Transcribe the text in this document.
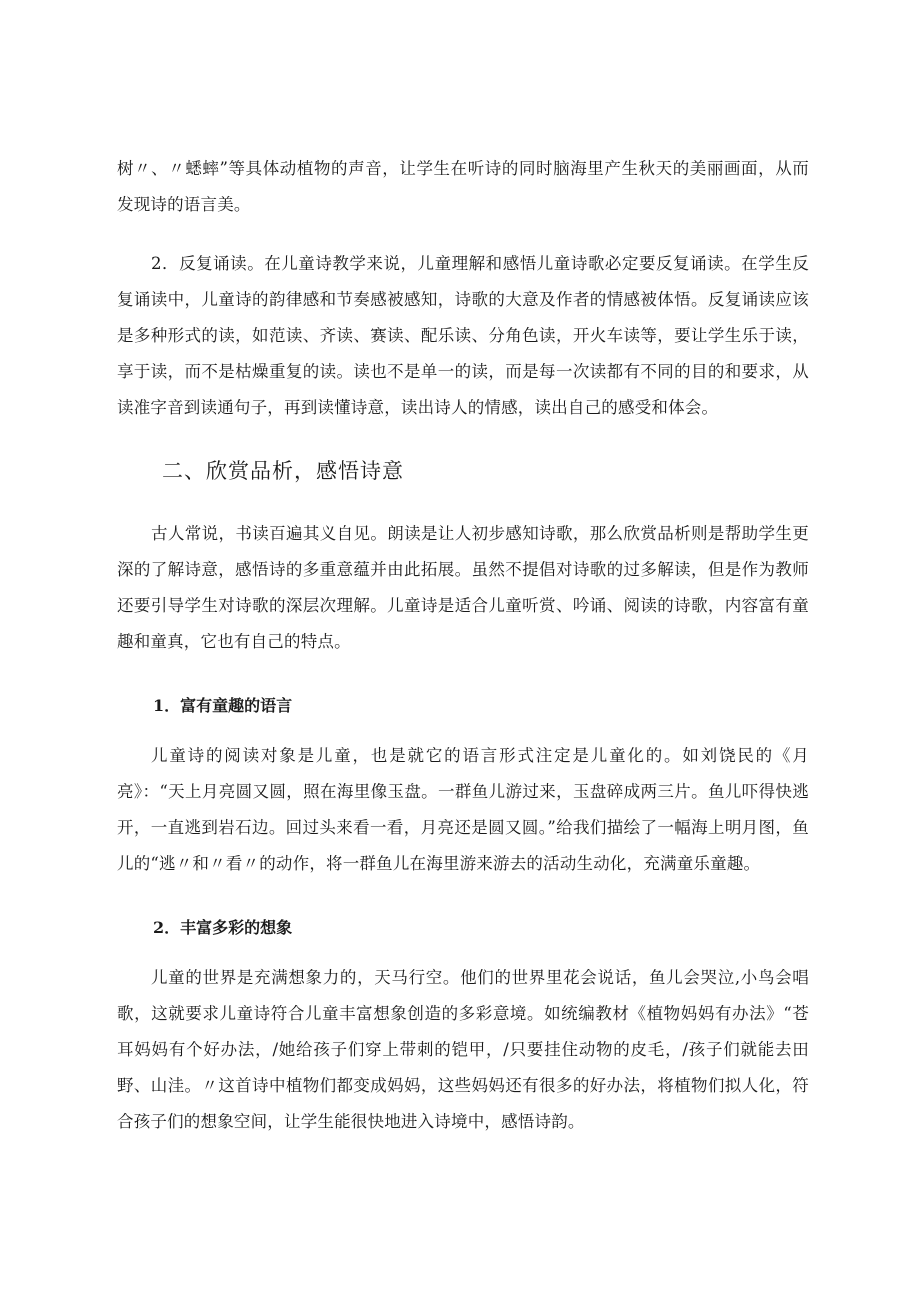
树〃、〃蟋蟀”等具体动植物的声音，让学生在听诗的同时脑海里产生秋天的美丽画面，从而发现诗的语言美。

2．反复诵读。在儿童诗教学来说，儿童理解和感悟儿童诗歌必定要反复诵读。在学生反复诵读中，儿童诗的韵律感和节奏感被感知，诗歌的大意及作者的情感被体悟。反复诵读应该是多种形式的读，如范读、齐读、赛读、配乐读、分角色读，开火车读等，要让学生乐于读，享于读，而不是枯燥重复的读。读也不是单一的读，而是每一次读都有不同的目的和要求，从读准字音到读通句子，再到读懂诗意，读出诗人的情感，读出自己的感受和体会。

二、欣赏品析，感悟诗意

古人常说，书读百遍其义自见。朗读是让人初步感知诗歌，那么欣赏品析则是帮助学生更深的了解诗意，感悟诗的多重意蕴并由此拓展。虽然不提倡对诗歌的过多解读，但是作为教师还要引导学生对诗歌的深层次理解。儿童诗是适合儿童听赏、吟诵、阅读的诗歌，内容富有童趣和童真，它也有自己的特点。

1．富有童趣的语言

儿童诗的阅读对象是儿童，也是就它的语言形式注定是儿童化的。如刘饶民的《月亮》：“天上月亮圆又圆，照在海里像玉盘。一群鱼儿游过来，玉盘碎成两三片。鱼儿吓得快逃开，一直逃到岩石边。回过头来看一看，月亮还是圆又圆。”给我们描绘了一幅海上明月图，鱼儿的“逃〃和〃看〃的动作，将一群鱼儿在海里游来游去的活动生动化，充满童乐童趣。

2．丰富多彩的想象

儿童的世界是充满想象力的，天马行空。他们的世界里花会说话，鱼儿会哭泣,小鸟会唱歌，这就要求儿童诗符合儿童丰富想象创造的多彩意境。如统编教材《植物妈妈有办法》“苍耳妈妈有个好办法，/她给孩子们穿上带刺的铠甲，/只要挂住动物的皮毛，/孩子们就能去田野、山洼。〃这首诗中植物们都变成妈妈，这些妈妈还有很多的好办法，将植物们拟人化，符合孩子们的想象空间，让学生能很快地进入诗境中，感悟诗韵。
